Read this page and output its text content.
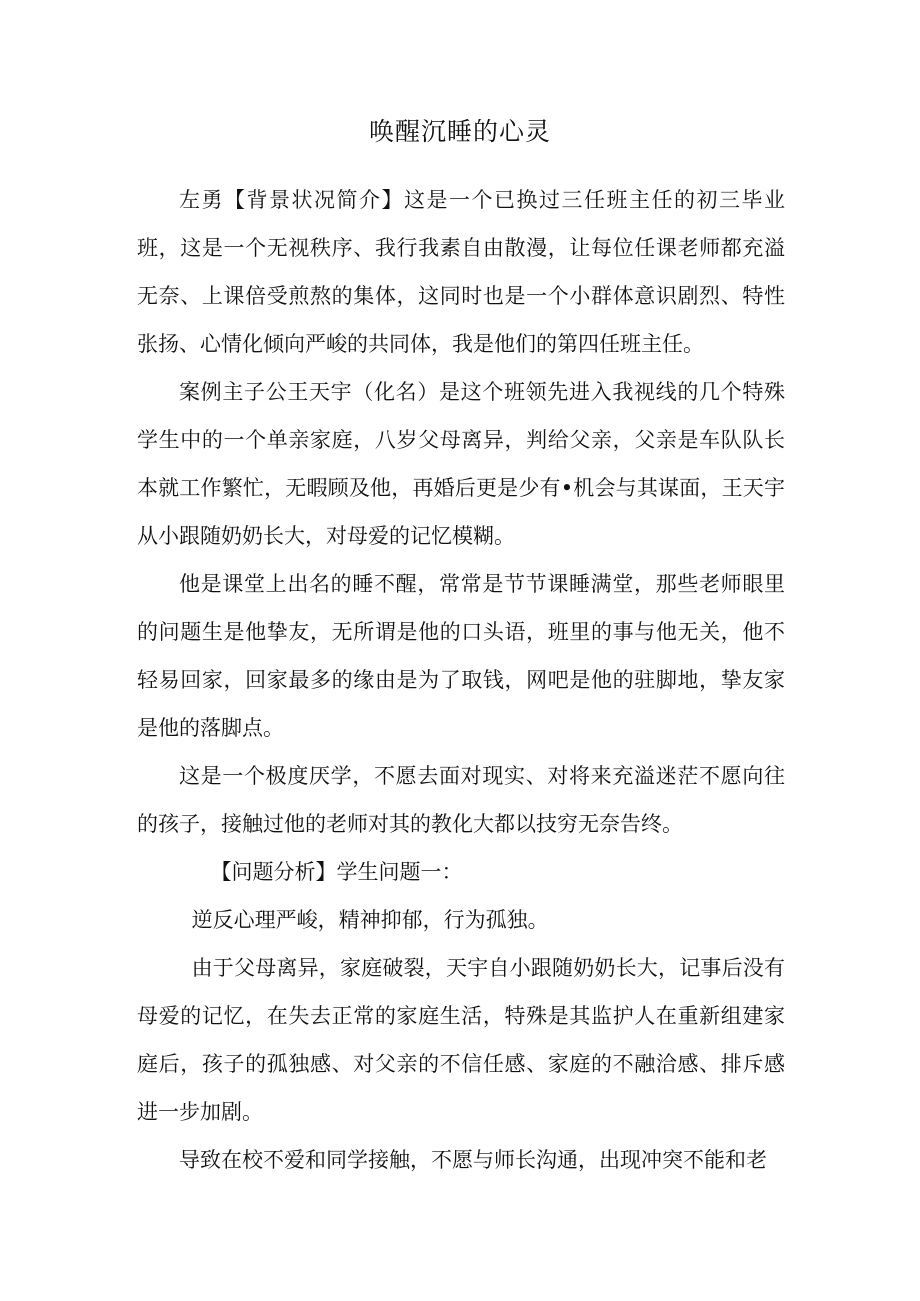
唤醒沉睡的心灵

左勇【背景状况简介】这是一个已换过三任班主任的初三毕业班，这是一个无视秩序、我行我素自由散漫，让每位任课老师都充溢无奈、上课倍受煎熬的集体，这同时也是一个小群体意识剧烈、特性张扬、心情化倾向严峻的共同体，我是他们的第四任班主任。

案例主子公王天宇（化名）是这个班领先进入我视线的几个特殊学生中的一个单亲家庭，八岁父母离异，判给父亲，父亲是车队队长本就工作繁忙，无暇顾及他，再婚后更是少有•机会与其谋面，王天宇从小跟随奶奶长大，对母爱的记忆模糊。

他是课堂上出名的睡不醒，常常是节节课睡满堂，那些老师眼里的问题生是他挚友，无所谓是他的口头语，班里的事与他无关，他不轻易回家，回家最多的缘由是为了取钱，网吧是他的驻脚地，挚友家是他的落脚点。

这是一个极度厌学，不愿去面对现实、对将来充溢迷茫不愿向往的孩子，接触过他的老师对其的教化大都以技穷无奈告终。

【问题分析】学生问题一：

逆反心理严峻，精神抑郁，行为孤独。

由于父母离异，家庭破裂，天宇自小跟随奶奶长大，记事后没有母爱的记忆，在失去正常的家庭生活，特殊是其监护人在重新组建家庭后，孩子的孤独感、对父亲的不信任感、家庭的不融洽感、排斥感进一步加剧。

导致在校不爱和同学接触，不愿与师长沟通，出现冲突不能和老
